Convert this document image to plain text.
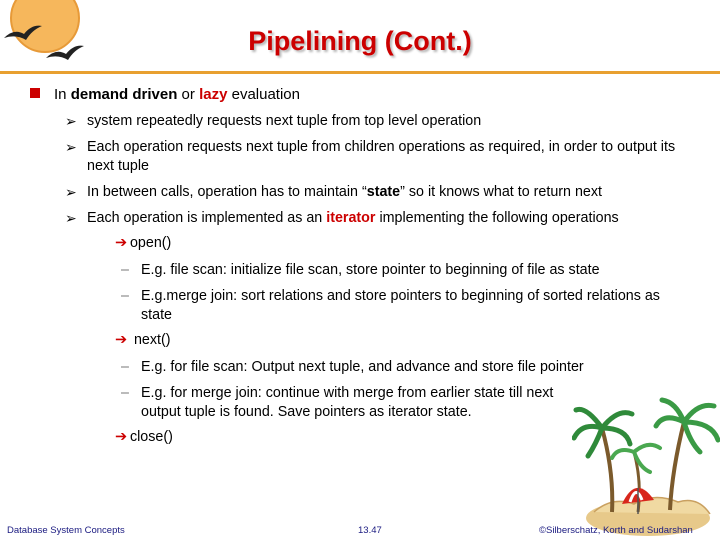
Pipelining (Cont.)
In demand driven or lazy evaluation
➢ system repeatedly requests next tuple from top level operation
➢ Each operation requests next tuple from children operations as required, in order to output its next tuple
➢ In between calls, operation has to maintain “state” so it knows what to return next
➢ Each operation is implemented as an iterator implementing the following operations
➔ open()
– E.g. file scan: initialize file scan, store pointer to beginning of file as state
– E.g.merge join: sort relations and store pointers to beginning of sorted relations as state
➔ next()
– E.g. for file scan: Output next tuple, and advance and store file pointer
– E.g. for merge join: continue with merge from earlier state till next output tuple is found. Save pointers as iterator state.
➔ close()
Database System Concepts	13.47	©Silberschatz, Korth and Sudarshan
